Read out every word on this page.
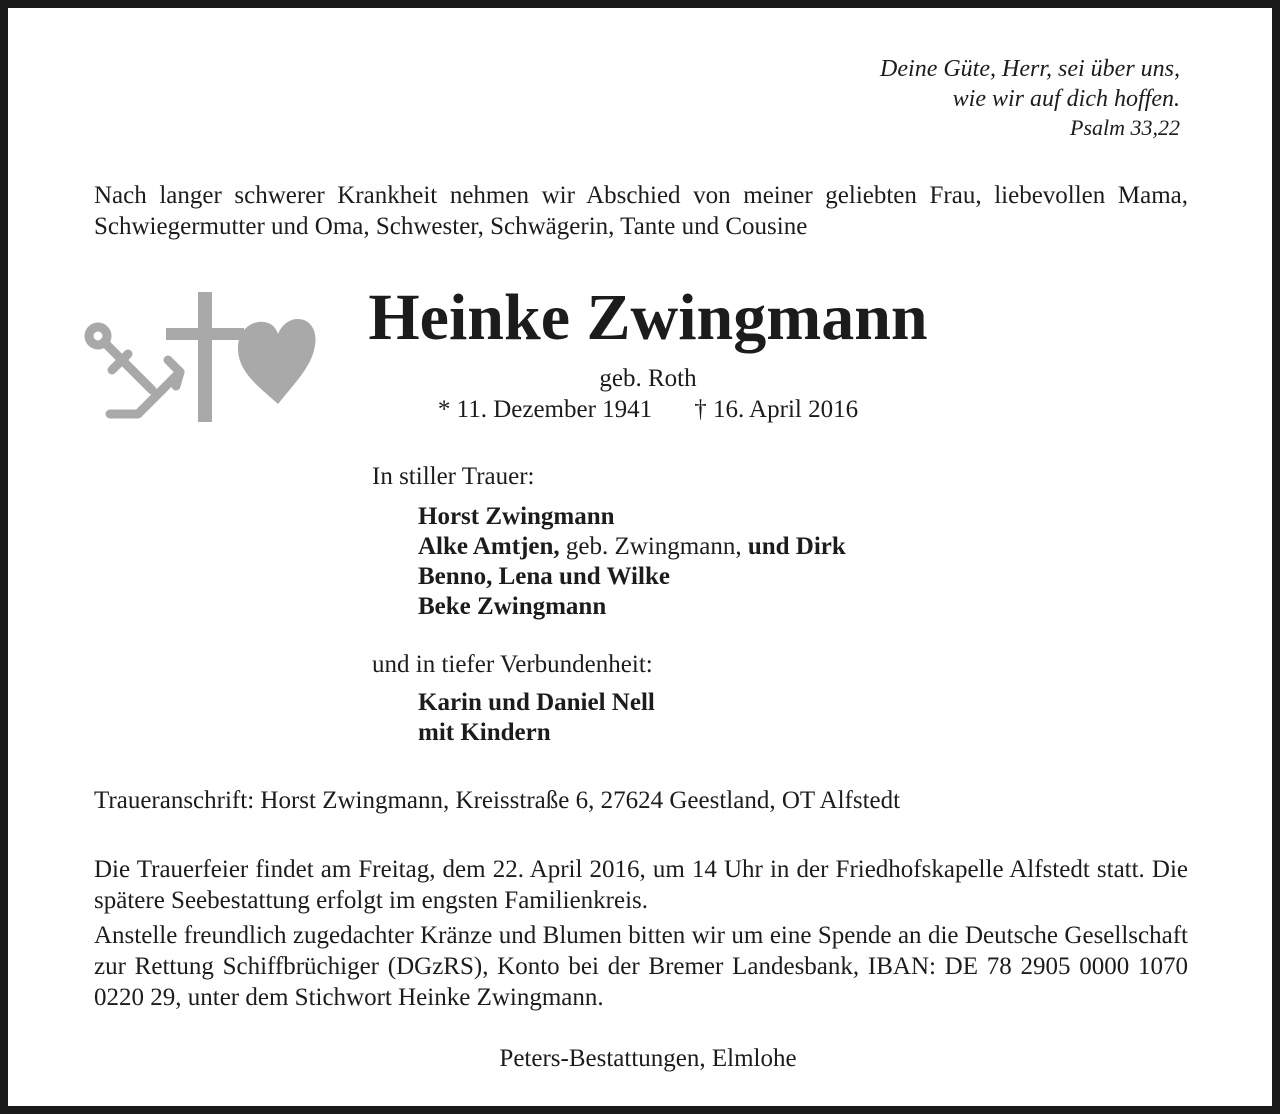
Deine Güte, Herr, sei über uns,
wie wir auf dich hoffen.
Psalm 33,22
Nach langer schwerer Krankheit nehmen wir Abschied von meiner geliebten Frau, liebevollen Mama, Schwiegermutter und Oma, Schwester, Schwägerin, Tante und Cousine
Heinke Zwingmann
geb. Roth
* 11. Dezember 1941 † 16. April 2016
In stiller Trauer:
Horst Zwingmann
Alke Amtjen, geb. Zwingmann, und Dirk
Benno, Lena und Wilke
Beke Zwingmann
und in tiefer Verbundenheit:
Karin und Daniel Nell
mit Kindern
Traueranschrift: Horst Zwingmann, Kreisstraße 6, 27624 Geestland, OT Alfstedt

Die Trauerfeier findet am Freitag, dem 22. April 2016, um 14 Uhr in der Friedhofskapelle Alfstedt statt. Die spätere Seebestattung erfolgt im engsten Familienkreis.

Anstelle freundlich zugedachter Kränze und Blumen bitten wir um eine Spende an die Deutsche Gesellschaft zur Rettung Schiffbrüchiger (DGzRS), Konto bei der Bremer Landesbank, IBAN: DE 78 2905 0000 1070 0220 29, unter dem Stichwort Heinke Zwingmann.

Peters-Bestattungen, Elmlohe
